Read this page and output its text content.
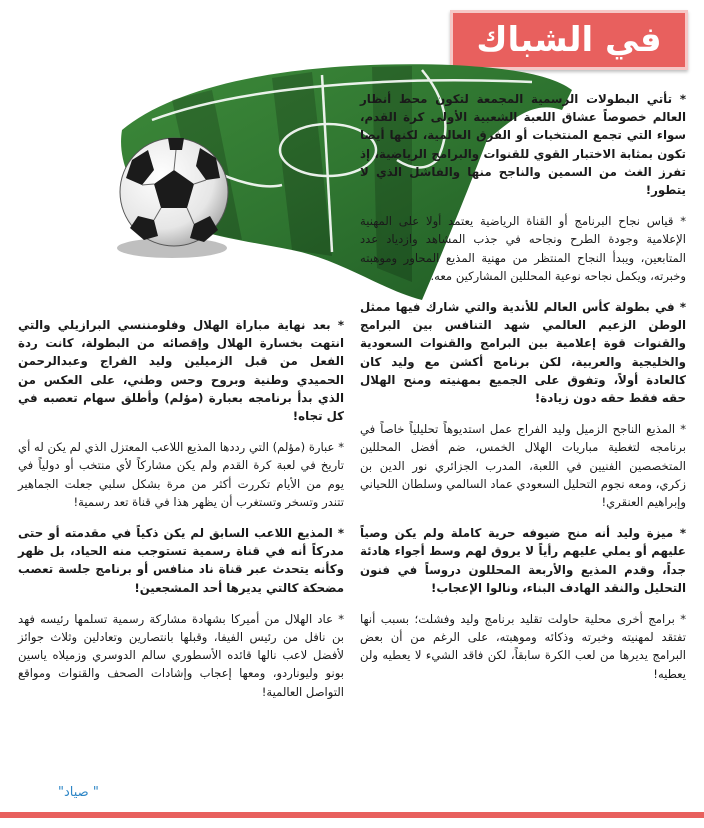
في الشباك

* تأتي البطولات الرسمية المجمعة لتكون محط أنظار العالم خصوصاً عشاق اللعبة الشعبية الأولى كرة القدم، سواء التي تجمع المنتخبات أو الفرق العالمية، لكنها أيضا تكون بمثابة الاختبار القوي للقنوات والبرامج الرياضية، إذ تفرز الغث من السمين والناجح منها والفاشل الذي لا يتطور!

* قياس نجاح البرنامج أو القناة الرياضية يعتمد أولا على المهنية الإعلامية وجودة الطرح ونجاحه في جذب المشاهد وازدياد عدد المتابعين، ويبدأ النجاح المنتظر من مهنية المذيع المحاور وموهبته وخبرته، ويكمل نجاحه نوعية المحللين المشاركين معه.

* في بطولة كأس العالم للأندية والتي شارك فيها ممثل الوطن الزعيم العالمي شهد التنافس بين البرامج والقنوات قوة إعلامية بين البرامج والقنوات السعودية والخليجية والعربية، لكن برنامج أكشن مع وليد كان كالعادة أولاً، وتفوق على الجميع بمهنيته ومنح الهلال حقه فقط حقه دون زيادة!

* المذيع الناجح الزميل وليد الفراج عمل استديوهاً تحليلياً خاصاً في برنامجه لتغطية مباريات الهلال الخمس، ضم أفضل المحللين المتخصصين الفنيين في اللعبة، المدرب الجزائري نور الدين بن زكري، ومعه نجوم التحليل السعودي عماد السالمي وسلطان اللحياني وإبراهيم العنقري!

* ميزة وليد أنه منح ضيوفه حرية كاملة ولم يكن وصياً عليهم أو يملي عليهم رأياً لا يروق لهم وسط أجواء هادئة جداً، وقدم المذيع والأربعة المحللون دروساً في فنون التحليل والنقد الهادف البناء، ونالوا الإعجاب!

* برامج أخرى محلية حاولت تقليد برنامج وليد وفشلت؛ بسبب أنها تفتقد لمهنيته وخبرته وذكائه وموهبته، على الرغم من أن بعض البرامج يديرها من لعب الكرة سابقاً، لكن فاقد الشيء لا يعطيه ولن يعطيه!

* بعد نهاية مباراة الهلال وفلومننسي البرازيلي والتي انتهت بخسارة الهلال وإقصائه من البطولة، كانت ردة الفعل من قبل الزميلين وليد الفراج وعبدالرحمن الحميدي وطنية وبروح وحس وطني، على العكس من الذي بدأ برنامجه بعبارة (مؤلم) وأطلق سهام تعصبه في كل تجاه!

* عبارة (مؤلم) التي رددها المذيع اللاعب المعتزل الذي لم يكن له أي تاريخ في لعبة كرة القدم ولم يكن مشاركاً لأي منتخب أو دولياً في يوم من الأيام تكررت أكثر من مرة بشكل سلبي جعلت الجماهير تتندر وتسخر وتستغرب أن يظهر هذا في قناة تعد رسمية!

* المذيع اللاعب السابق لم يكن ذكياً في مقدمته أو حتى مدركاً أنه في قناة رسمية تستوجب منه الحياد، بل ظهر وكأنه يتحدث عبر قناة ناد منافس أو برنامج جلسة تعصب مضحكة كالتي يديرها أحد المشجعين!

* عاد الهلال من أميركا بشهادة مشاركة رسمية تسلمها رئيسه فهد بن نافل من رئيس الفيفا، وقبلها بانتصارين وتعادلين وثلاث جوائز لأفضل لاعب نالها قائده الأسطوري سالم الدوسري وزميلاه ياسين بونو وليوناردو، ومعها إعجاب وإشادات الصحف والقنوات ومواقع التواصل العالمية!

" صياد"
